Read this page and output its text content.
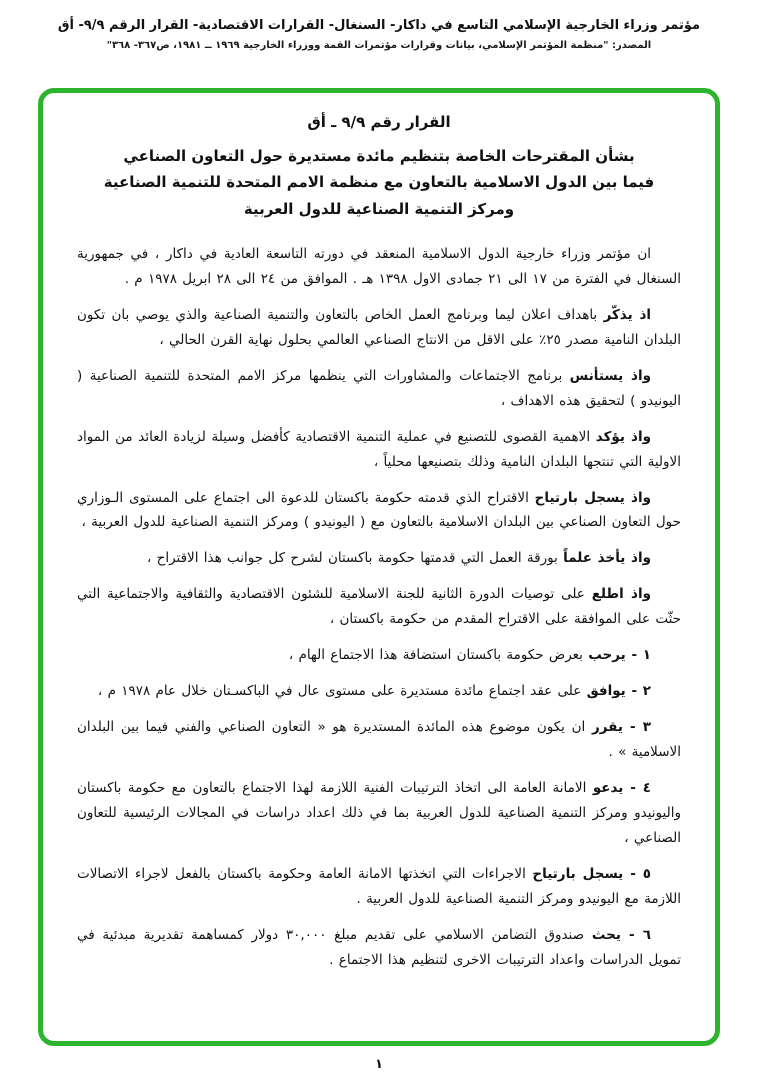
مؤتمر وزراء الخارجية الإسلامي التاسع في داكار- السنغال- القرارات الاقتصادية- القرار الرقم ٩/٩- أق
المصدر: "منظمة المؤتمر الإسلامي، بيانات وقرارات مؤتمرات القمة ووزراء الخارجية ١٩٦٩ ــ ١٩٨١، ص٣٦٧- ٣٦٨"
القرار رقم ٩/٩ ـ أق
بشأن المقترحات الخاصة بتنظيم مائدة مستديرة حول التعاون الصناعي
فيما بين الدول الاسلامية بالتعاون مع منظمة الامم المتحدة للتنمية الصناعية
ومركز التنمية الصناعية للدول العربية

ان مؤتمر وزراء خارجية الدول الاسلامية المنعقد في دورته التاسعة العادية في داكار ، في جمهورية السنغال في الفترة من ١٧ الى ٢١ جمادى الاول ١٣٩٨ هـ . الموافق من ٢٤ الى ٢٨ ابريل ١٩٧٨ م .

اذ يذكّر باهداف اعلان ليما وبرنامج العمل الخاص بالتعاون والتنمية الصناعية والذي يوصي بان تكون البلدان النامية مصدر ٢٥٪ على الاقل من الانتاج الصناعي العالمي بحلول نهاية القرن الحالي ،

واذ يستأنس برنامج الاجتماعات والمشاورات التي ينظمها مركز الامم المتحدة للتنمية الصناعية ( اليونيدو ) لتحقيق هذه الاهداف ،

واذ يؤكد الاهمية القصوى للتصنيع في عملية التنمية الاقتصادية كأفضل وسيلة لزيادة العائد من المواد الاولية التي تنتجها البلدان النامية وذلك بتصنيعها محلياً ،

واذ يسجل بارتياح الاقتراح الذي قدمته حكومة باكستان للدعوة الى اجتماع على المستوى الـوزاري حول التعاون الصناعي بين البلدان الاسلامية بالتعاون مع ( اليونيدو ) ومركز التنمية الصناعية للدول العربية ،

واذ يأخذ علماً بورقة العمل التي قدمتها حكومة باكستان لشرح كل جوانب هذا الاقتراح ،

واذ اطلع على توصيات الدورة الثانية للجنة الاسلامية للشئون الاقتصادية والثقافية والاجتماعية التي حثّت على الموافقة على الاقتراح المقدم من حكومة باكستان ،

١ - يرحب بعرض حكومة باكستان استضافة هذا الاجتماع الهام ،

٢ - يوافق على عقد اجتماع مائدة مستديرة على مستوى عال في الباكسـتان خلال عام ١٩٧٨ م ،

٣ - يقرر ان يكون موضوع هذه المائدة المستديرة هو « التعاون الصناعي والفني فيما بين البلدان الاسلامية » .

٤ - يدعو الامانة العامة الى اتخاذ الترتيبات الفنية اللازمة لهذا الاجتماع بالتعاون مع حكومة باكستان واليونيدو ومركز التنمية الصناعية للدول العربية بما في ذلك اعداد دراسات في المجالات الرئيسية للتعاون الصناعي ،

٥ - يسجل بارتياح الاجراءات التي اتخذتها الامانة العامة وحكومة باكستان بالفعل لاجراء الاتصالات اللازمة مع اليونيدو ومركز التنمية الصناعية للدول العربية .

٦ - يحث صندوق التضامن الاسلامي على تقديم مبلغ ٣٠,٠٠٠ دولار كمساهمة تقديرية مبدئية في تمويل الدراسات واعداد الترتيبات الاخرى لتنظيم هذا الاجتماع .

١
